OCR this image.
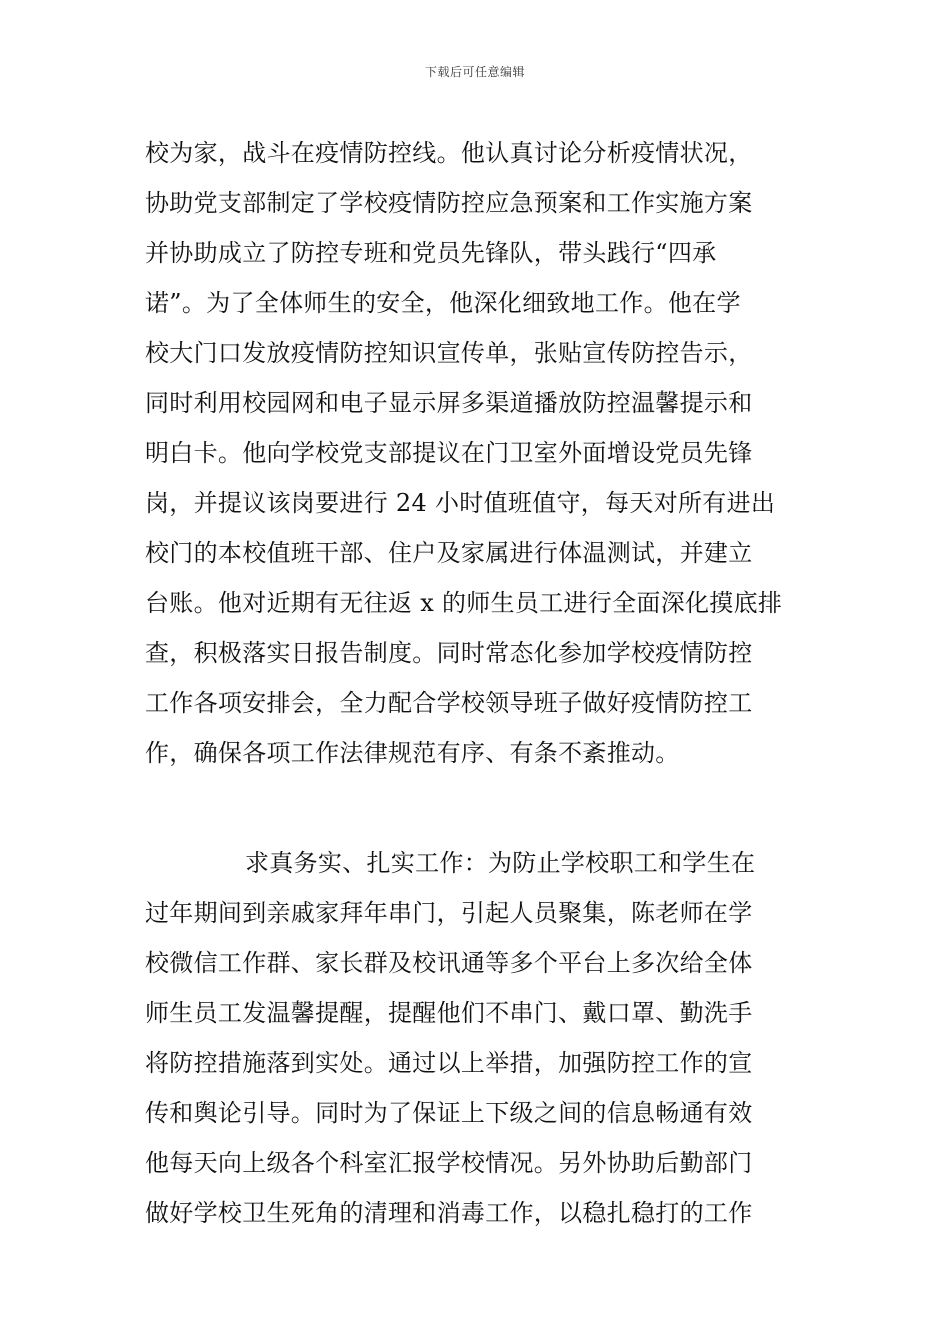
下载后可任意编辑
校为家，战斗在疫情防控线。他认真讨论分析疫情状况，
协助党支部制定了学校疫情防控应急预案和工作实施方案
并协助成立了防控专班和党员先锋队，带头践行“四承
诺”。为了全体师生的安全，他深化细致地工作。他在学
校大门口发放疫情防控知识宣传单，张贴宣传防控告示，
同时利用校园网和电子显示屏多渠道播放防控温馨提示和
明白卡。他向学校党支部提议在门卫室外面增设党员先锋
岗，并提议该岗要进行 24 小时值班值守，每天对所有进出
校门的本校值班干部、住户及家属进行体温测试，并建立
台账。他对近期有无往返 x 的师生员工进行全面深化摸底排
查，积极落实日报告制度。同时常态化参加学校疫情防控
工作各项安排会，全力配合学校领导班子做好疫情防控工
作，确保各项工作法律规范有序、有条不紊推动。
求真务实、扎实工作：为防止学校职工和学生在
过年期间到亲戚家拜年串门，引起人员聚集，陈老师在学
校微信工作群、家长群及校讯通等多个平台上多次给全体
师生员工发温馨提醒，提醒他们不串门、戴口罩、勤洗手
将防控措施落到实处。通过以上举措，加强防控工作的宣
传和舆论引导。同时为了保证上下级之间的信息畅通有效
他每天向上级各个科室汇报学校情况。另外协助后勤部门
做好学校卫生死角的清理和消毒工作，以稳扎稳打的工作
